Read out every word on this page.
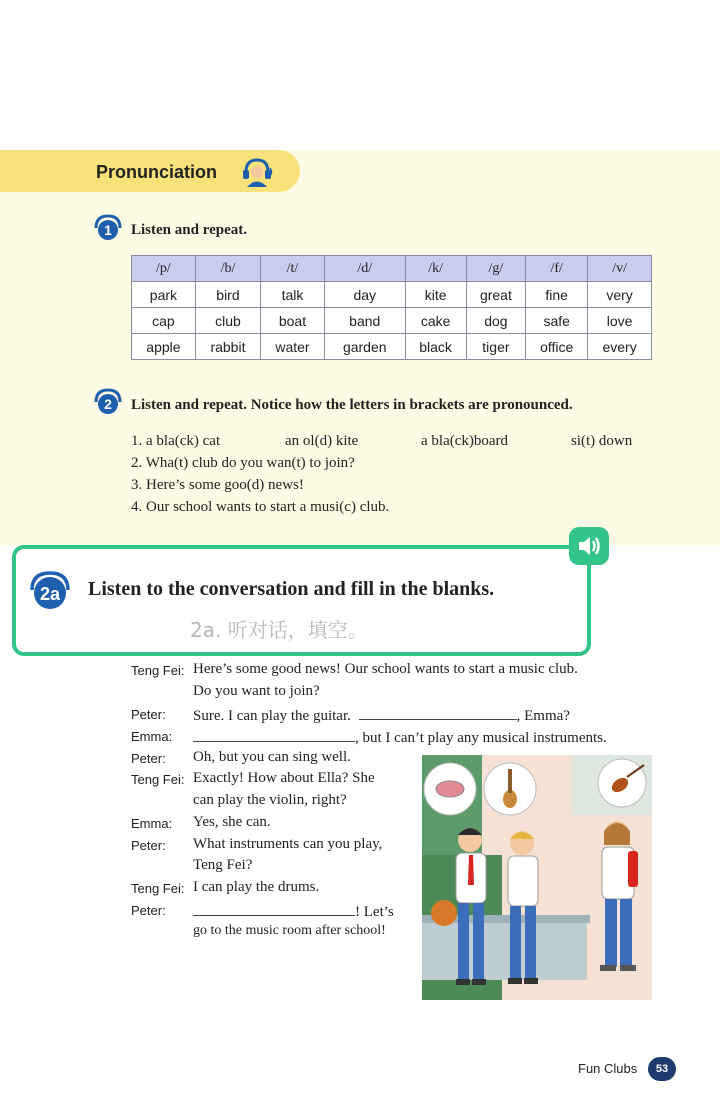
Pronunciation
1 Listen and repeat.
/p/	/b/	/t/	/d/	/k/	/g/	/f/	/v/
park	bird	talk	day	kite	great	fine	very
cap	club	boat	band	cake	dog	safe	love
apple	rabbit	water	garden	black	tiger	office	every
2 Listen and repeat. Notice how the letters in brackets are pronounced.
1. a bla(ck) cat	an ol(d) kite	a bla(ck)board	si(t) down
2. Wha(t) club do you wan(t) to join?
3. Here’s some goo(d) news!
4. Our school wants to start a musi(c) club.
2a Listen to the conversation and fill in the blanks.
2a. 听对话，填空。
Teng Fei: Here’s some good news! Our school wants to start a music club.
Do you want to join?
Peter: Sure. I can play the guitar.	, Emma?
Emma:	, but I can’t play any musical instruments.
Peter: Oh, but you can sing well.
Teng Fei: Exactly! How about Ella? She
can play the violin, right?
Emma: Yes, she can.
Peter: What instruments can you play,
Teng Fei?
Teng Fei: I can play the drums.
Peter:	! Let’s
go to the music room after school!
Fun Clubs	53
